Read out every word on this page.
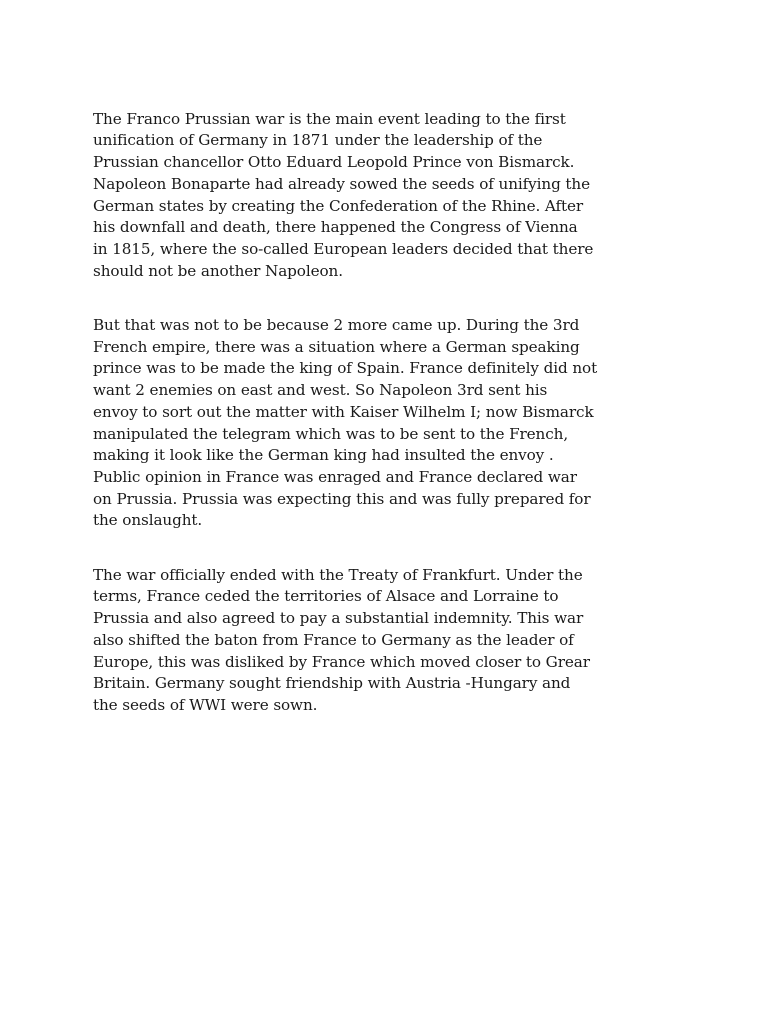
The Franco Prussian war is the main event leading to the first
unification of Germany in 1871 under the leadership of the
Prussian chancellor Otto Eduard Leopold Prince von Bismarck.
Napoleon Bonaparte had already sowed the seeds of unifying the
German states by creating the Confederation of the Rhine. After
his downfall and death, there happened the Congress of Vienna
in 1815, where the so-called European leaders decided that there
should not be another Napoleon.

But that was not to be because 2 more came up. During the 3rd
French empire, there was a situation where a German speaking
prince was to be made the king of Spain. France definitely did not
want 2 enemies on east and west. So Napoleon 3rd sent his
envoy to sort out the matter with Kaiser Wilhelm I; now Bismarck
manipulated the telegram which was to be sent to the French,
making it look like the German king had insulted the envoy .
Public opinion in France was enraged and France declared war
on Prussia. Prussia was expecting this and was fully prepared for
the onslaught.

The war officially ended with the Treaty of Frankfurt. Under the
terms, France ceded the territories of Alsace and Lorraine to
Prussia and also agreed to pay a substantial indemnity. This war
also shifted the baton from France to Germany as the leader of
Europe, this was disliked by France which moved closer to Grear
Britain. Germany sought friendship with Austria -Hungary and
the seeds of WWI were sown.
